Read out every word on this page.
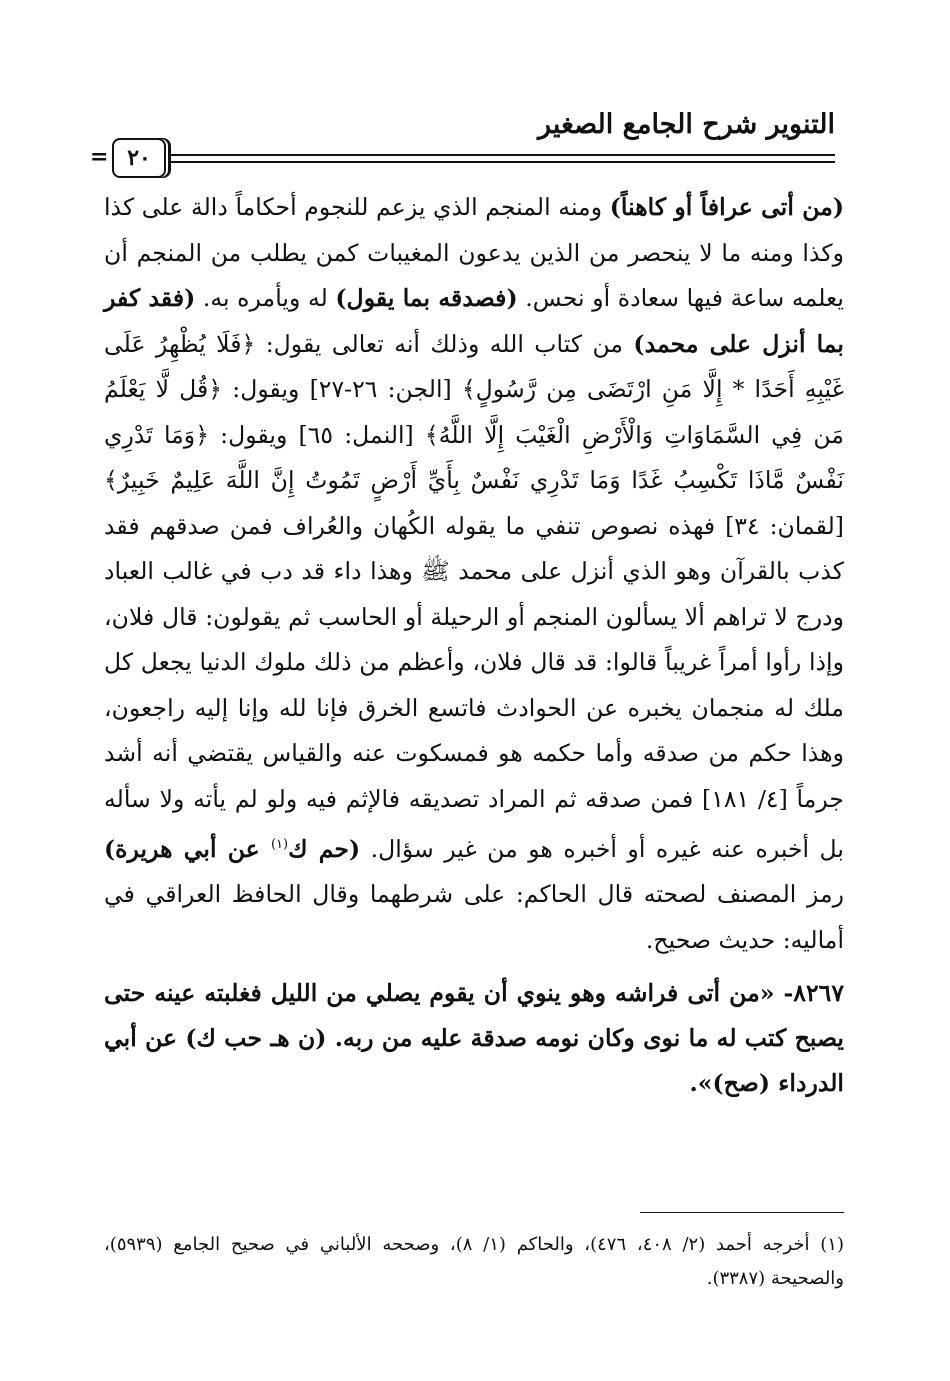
التنوير شرح الجامع الصغير
٢٠
=

(من أتى عرافاً أو كاهناً) ومنه المنجم الذي يزعم للنجوم أحكاماً دالة على كذا وكذا ومنه ما لا ينحصر من الذين يدعون المغيبات كمن يطلب من المنجم أن يعلمه ساعة فيها سعادة أو نحس. (فصدقه بما يقول) له ويأمره به. (فقد كفر بما أنزل على محمد) من كتاب الله وذلك أنه تعالى يقول: ﴿فَلَا يُظْهِرُ عَلَى غَيْبِهِ أَحَدًا * إِلَّا مَنِ ارْتَضَى مِن رَّسُولٍ﴾ [الجن: ٢٦-٢٧] ويقول: ﴿قُل لَّا يَعْلَمُ مَن فِي السَّمَاوَاتِ وَالْأَرْضِ الْغَيْبَ إِلَّا اللَّهُ﴾ [النمل: ٦٥] ويقول: ﴿وَمَا تَدْرِي نَفْسٌ مَّاذَا تَكْسِبُ غَدًا وَمَا تَدْرِي نَفْسٌ بِأَيِّ أَرْضٍ تَمُوتُ إِنَّ اللَّهَ عَلِيمٌ خَبِيرٌ﴾ [لقمان: ٣٤] فهذه نصوص تنفي ما يقوله الكُهان والعُراف فمن صدقهم فقد كذب بالقرآن وهو الذي أنزل على محمد ﷺ وهذا داء قد دب في غالب العباد ودرج لا تراهم ألا يسألون المنجم أو الرحيلة أو الحاسب ثم يقولون: قال فلان، وإذا رأوا أمراً غريباً قالوا: قد قال فلان، وأعظم من ذلك ملوك الدنيا يجعل كل ملك له منجمان يخبره عن الحوادث فاتسع الخرق فإنا لله وإنا إليه راجعون، وهذا حكم من صدقه وأما حكمه هو فمسكوت عنه والقياس يقتضي أنه أشد جرماً [٤/ ١٨١] فمن صدقه ثم المراد تصديقه فالإثم فيه ولو لم يأته ولا سأله بل أخبره عنه غيره أو أخبره هو من غير سؤال. (حم ك$^{(١)}$ عن أبي هريرة) رمز المصنف لصحته قال الحاكم: على شرطهما وقال الحافظ العراقي في أماليه: حديث صحيح.

٨٢٦٧- «من أتى فراشه وهو ينوي أن يقوم يصلي من الليل فغلبته عينه حتى يصبح كتب له ما نوى وكان نومه صدقة عليه من ربه. (ن هـ حب ك) عن أبي الدرداء (صح)».

(١) أخرجه أحمد (٢/ ٤٠٨، ٤٧٦)، والحاكم (١/ ٨)، وصححه الألباني في صحيح الجامع (٥٩٣٩)، والصحيحة (٣٣٨٧).
